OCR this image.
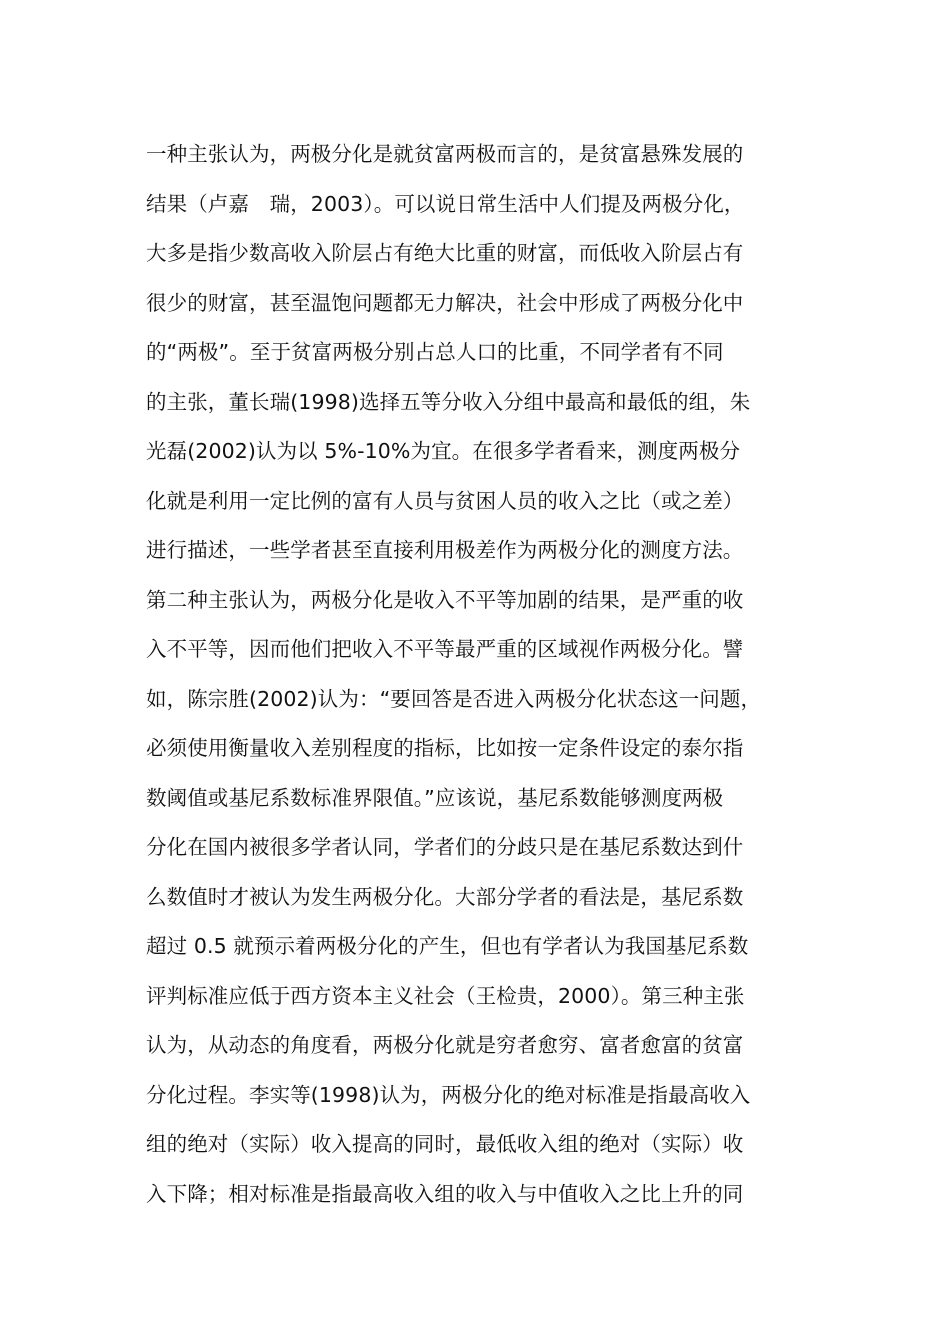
一种主张认为，两极分化是就贫富两极而言的，是贫富悬殊发展的
结果（卢嘉　瑞，2003）。可以说日常生活中人们提及两极分化，
大多是指少数高收入阶层占有绝大比重的财富，而低收入阶层占有
很少的财富，甚至温饱问题都无力解决，社会中形成了两极分化中
的“两极”。至于贫富两极分别占总人口的比重，不同学者有不同
的主张，董长瑞(1998)选择五等分收入分组中最高和最低的组，朱
光磊(2002)认为以 5%-10%为宜。在很多学者看来，测度两极分
化就是利用一定比例的富有人员与贫困人员的收入之比（或之差）
进行描述，一些学者甚至直接利用极差作为两极分化的测度方法。
第二种主张认为，两极分化是收入不平等加剧的结果，是严重的收
入不平等，因而他们把收入不平等最严重的区域视作两极分化。譬
如，陈宗胜(2002)认为：“要回答是否进入两极分化状态这一问题，
必须使用衡量收入差别程度的指标，比如按一定条件设定的泰尔指
数阈值或基尼系数标准界限值。”应该说，基尼系数能够测度两极
分化在国内被很多学者认同，学者们的分歧只是在基尼系数达到什
么数值时才被认为发生两极分化。大部分学者的看法是，基尼系数
超过 0.5 就预示着两极分化的产生，但也有学者认为我国基尼系数
评判标准应低于西方资本主义社会（王检贵，2000）。第三种主张
认为，从动态的角度看，两极分化就是穷者愈穷、富者愈富的贫富
分化过程。李实等(1998)认为，两极分化的绝对标准是指最高收入
组的绝对（实际）收入提高的同时，最低收入组的绝对（实际）收
入下降；相对标准是指最高收入组的收入与中值收入之比上升的同
